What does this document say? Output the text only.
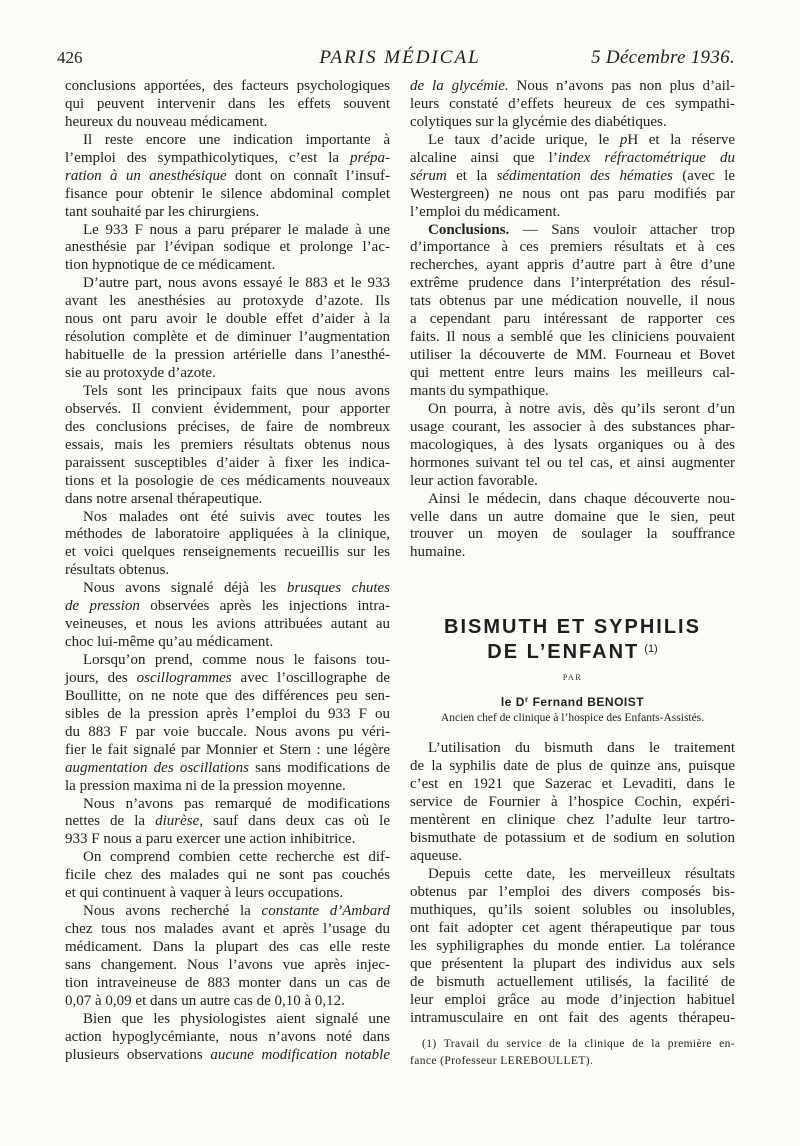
426	PARIS MÉDICAL	5 Décembre 1936.
conclusions apportées, des facteurs psychologiques
qui peuvent intervenir dans les effets souvent
heureux du nouveau médicament.
Il reste encore une indication importante à
l’emploi des sympathicolytiques, c’est la prépa-
ration à un anesthésique dont on connaît l’insuf-
fisance pour obtenir le silence abdominal complet
tant souhaité par les chirurgiens.
Le 933 F nous a paru préparer le malade à une
anesthésie par l’évipan sodique et prolonge l’ac-
tion hypnotique de ce médicament.
D’autre part, nous avons essayé le 883 et le 933
avant les anesthésies au protoxyde d’azote. Ils
nous ont paru avoir le double effet d’aider à la
résolution complète et de diminuer l’augmentation
habituelle de la pression artérielle dans l’anesthé-
sie au protoxyde d’azote.
Tels sont les principaux faits que nous avons
observés. Il convient évidemment, pour apporter
des conclusions précises, de faire de nombreux
essais, mais les premiers résultats obtenus nous
paraissent susceptibles d’aider à fixer les indica-
tions et la posologie de ces médicaments nouveaux
dans notre arsenal thérapeutique.
Nos malades ont été suivis avec toutes les
méthodes de laboratoire appliquées à la clinique,
et voici quelques renseignements recueillis sur les
résultats obtenus.
Nous avons signalé déjà les brusques chutes
de pression observées après les injections intra-
veineuses, et nous les avions attribuées autant au
choc lui-même qu’au médicament.
Lorsqu’on prend, comme nous le faisons tou-
jours, des oscillogrammes avec l’oscillographe de
Boullitte, on ne note que des différences peu sen-
sibles de la pression après l’emploi du 933 F ou
du 883 F par voie buccale. Nous avons pu véri-
fier le fait signalé par Monnier et Stern : une légère
augmentation des oscillations sans modifications de
la pression maxima ni de la pression moyenne.
Nous n’avons pas remarqué de modifications
nettes de la diurèse, sauf dans deux cas où le
933 F nous a paru exercer une action inhibitrice.
On comprend combien cette recherche est dif-
ficile chez des malades qui ne sont pas couchés
et qui continuent à vaquer à leurs occupations.
Nous avons recherché la constante d’Ambard
chez tous nos malades avant et après l’usage du
médicament. Dans la plupart des cas elle reste
sans changement. Nous l’avons vue après injec-
tion intraveineuse de 883 monter dans un cas de
0,07 à 0,09 et dans un autre cas de 0,10 à 0,12.
Bien que les physiologistes aient signalé une
action hypoglycémiante, nous n’avons noté dans
plusieurs observations aucune modification notable
de la glycémie. Nous n’avons pas non plus d’ail-
leurs constaté d’effets heureux de ces sympathi-
colytiques sur la glycémie des diabétiques.
Le taux d’acide urique, le pH et la réserve
alcaline ainsi que l’index réfractométrique du
sérum et la sédimentation des hématies (avec le
Westergreen) ne nous ont pas paru modifiés par
l’emploi du médicament.
Conclusions. — Sans vouloir attacher trop
d’importance à ces premiers résultats et à ces
recherches, ayant appris d’autre part à être d’une
extrême prudence dans l’interprétation des résul-
tats obtenus par une médication nouvelle, il nous
a cependant paru intéressant de rapporter ces
faits. Il nous a semblé que les cliniciens pouvaient
utiliser la découverte de MM. Fourneau et Bovet
qui mettent entre leurs mains les meilleurs cal-
mants du sympathique.
On pourra, à notre avis, dès qu’ils seront d’un
usage courant, les associer à des substances phar-
macologiques, à des lysats organiques ou à des
hormones suivant tel ou tel cas, et ainsi augmenter
leur action favorable.
Ainsi le médecin, dans chaque découverte nou-
velle dans un autre domaine que le sien, peut
trouver un moyen de soulager la souffrance
humaine.
BISMUTH ET SYPHILIS
DE L’ENFANT $^{(1)}$
PAR
le $D^r$ Fernand BENOIST
Ancien chef de clinique à l’hospice des Enfants-Assistés.
L’utilisation du bismuth dans le traitement
de la syphilis date de plus de quinze ans, puisque
c’est en 1921 que Sazerac et Levaditi, dans le
service de Fournier à l’hospice Cochin, expéri-
mentèrent en clinique chez l’adulte leur tartro-
bismuthate de potassium et de sodium en solution
aqueuse.
Depuis cette date, les merveilleux résultats
obtenus par l’emploi des divers composés bis-
muthiques, qu’ils soient solubles ou insolubles,
ont fait adopter cet agent thérapeutique par tous
les syphiligraphes du monde entier. La tolérance
que présentent la plupart des individus aux sels
de bismuth actuellement utilisés, la facilité de
leur emploi grâce au mode d’injection habituel
intramusculaire en ont fait des agents thérapeu-
(1) Travail du service de la clinique de la première en-
fance (Professeur LEREBOULLET).
